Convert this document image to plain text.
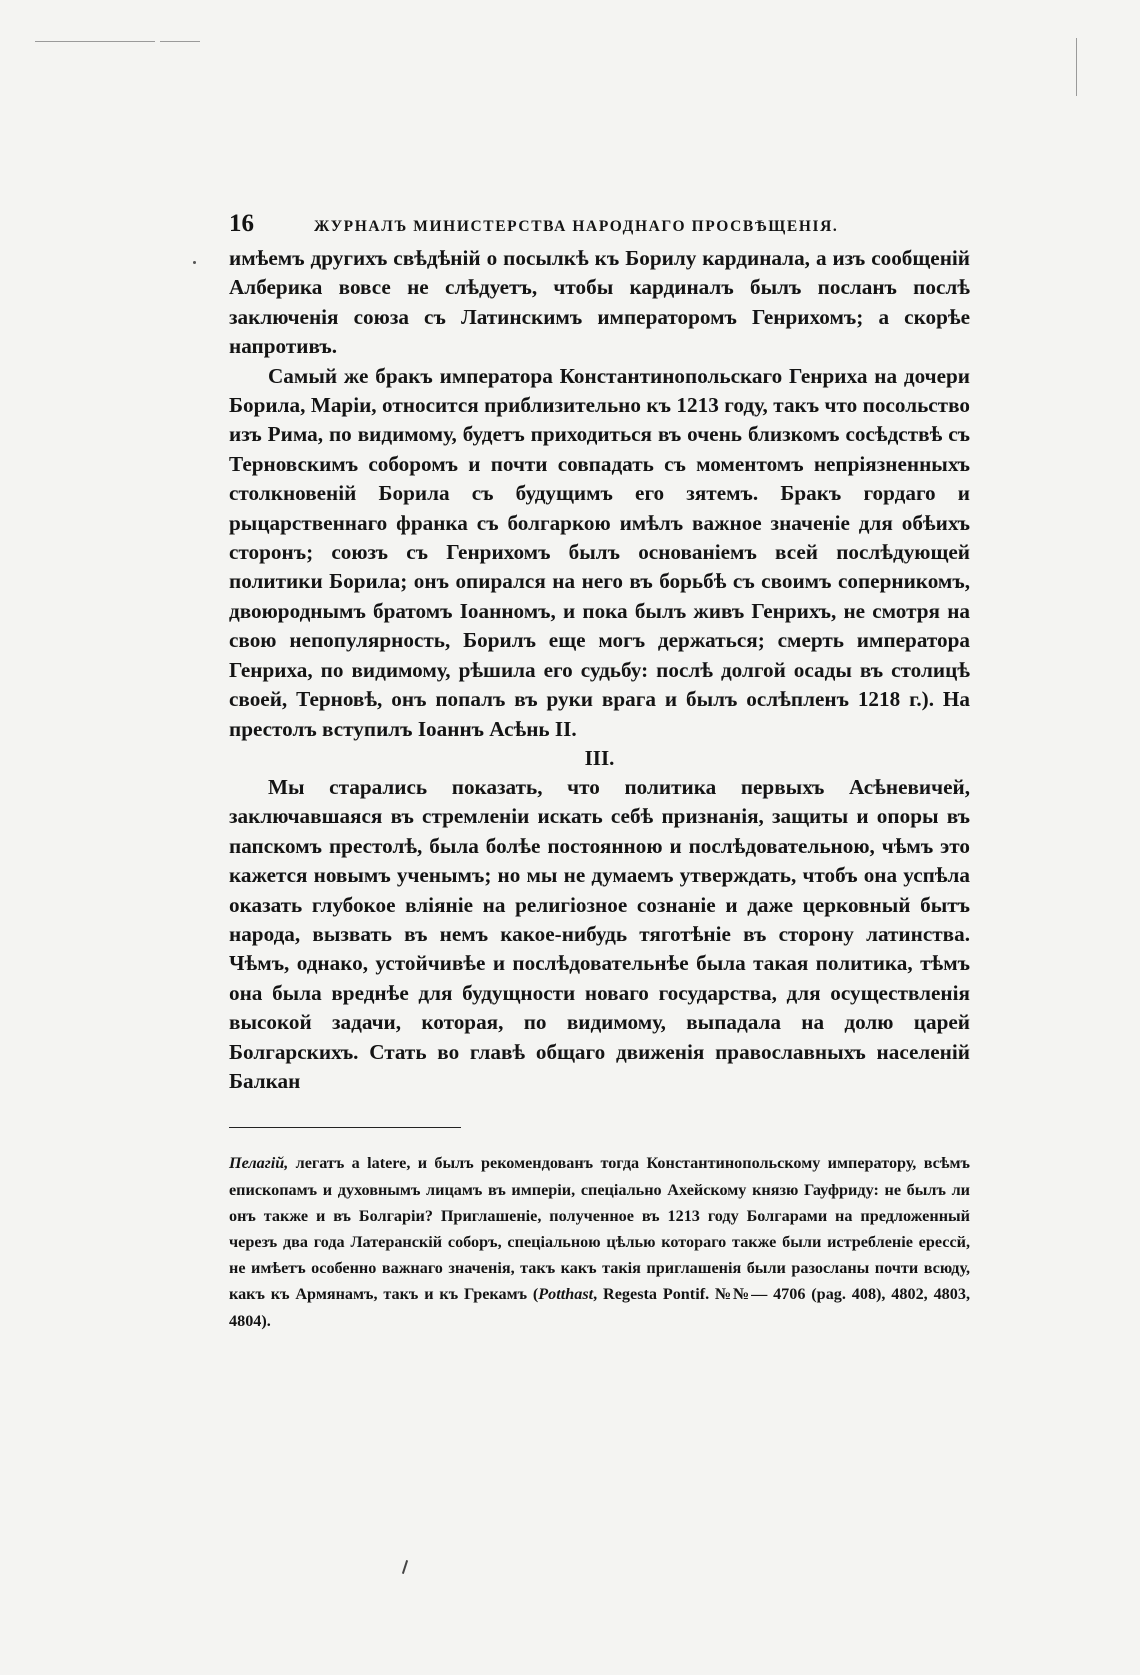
16	ЖУРНАЛЪ МИНИСТЕРСТВА НАРОДНАГО ПРОСВѢЩЕНІЯ.

имѣемъ другихъ свѣдѣній о посылкѣ къ Борилу кардинала, а изъ сообщеній Алберика вовсе не слѣдуетъ, чтобы кардиналъ былъ посланъ послѣ заключенія союза съ Латинскимъ императоромъ Генрихомъ; а скорѣе напротивъ.

Самый же бракъ императора Константинопольскаго Генриха на дочери Борила, Маріи, относится приблизительно къ 1213 году, такъ что посольство изъ Рима, по видимому, будетъ приходиться въ очень близкомъ сосѣдствѣ съ Терновскимъ соборомъ и почти совпадать съ моментомъ непріязненныхъ столкновеній Борила съ будущимъ его зятемъ. Бракъ гордаго и рыцарственнаго франка съ болгаркою имѣлъ важное значеніе для обѣихъ сторонъ; союзъ съ Генрихомъ былъ основаніемъ всей послѣдующей политики Борила; онъ опирался на него въ борьбѣ съ своимъ соперникомъ, двоюроднымъ братомъ Іоанномъ, и пока былъ живъ Генрихъ, не смотря на свою непопулярность, Борилъ еще могъ держаться; смерть императора Генриха, по видимому, рѣшила его судьбу: послѣ долгой осады въ столицѣ своей, Терновѣ, онъ попалъ въ руки врага и былъ ослѣпленъ 1218 г.). На престолъ вступилъ Іоаннъ Асѣнь II.

III.

Мы старались показать, что политика первыхъ Асѣневичей, заключавшаяся въ стремленіи искать себѣ признанія, защиты и опоры въ папскомъ престолѣ, была болѣе постоянною и послѣдовательною, чѣмъ это кажется новымъ ученымъ; но мы не думаемъ утверждать, чтобъ она успѣла оказать глубокое вліяніе на религіозное сознаніе и даже церковный бытъ народа, вызвать въ немъ какое-нибудь тяготѣніе въ сторону латинства. Чѣмъ, однако, устойчивѣе и послѣдовательнѣе была такая политика, тѣмъ она была вреднѣе для будущности новаго государства, для осуществленія высокой задачи, которая, по видимому, выпадала на долю царей Болгарскихъ. Стать во главѣ общаго движенія православныхъ населеній Балкан

Пелагій, легатъ a latere, и былъ рекомендованъ тогда Константинопольскому императору, всѣмъ епископамъ и духовнымъ лицамъ въ имперіи, спеціально Ахейскому князю Гауфриду: не былъ ли онъ также и въ Болгаріи? Приглашеніе, полученное въ 1213 году Болгарами на предложенный черезъ два года Латеранскій соборъ, спеціальною цѣлью котораго также были истребленіе ерессй, не имѣетъ особенно важнаго значенія, такъ какъ такія приглашенія были разосланы почти всюду, какъ къ Армянамъ, такъ и къ Грекамъ (Potthast, Regesta Pontif. №№— 4706 (pag. 408), 4802, 4803, 4804).
